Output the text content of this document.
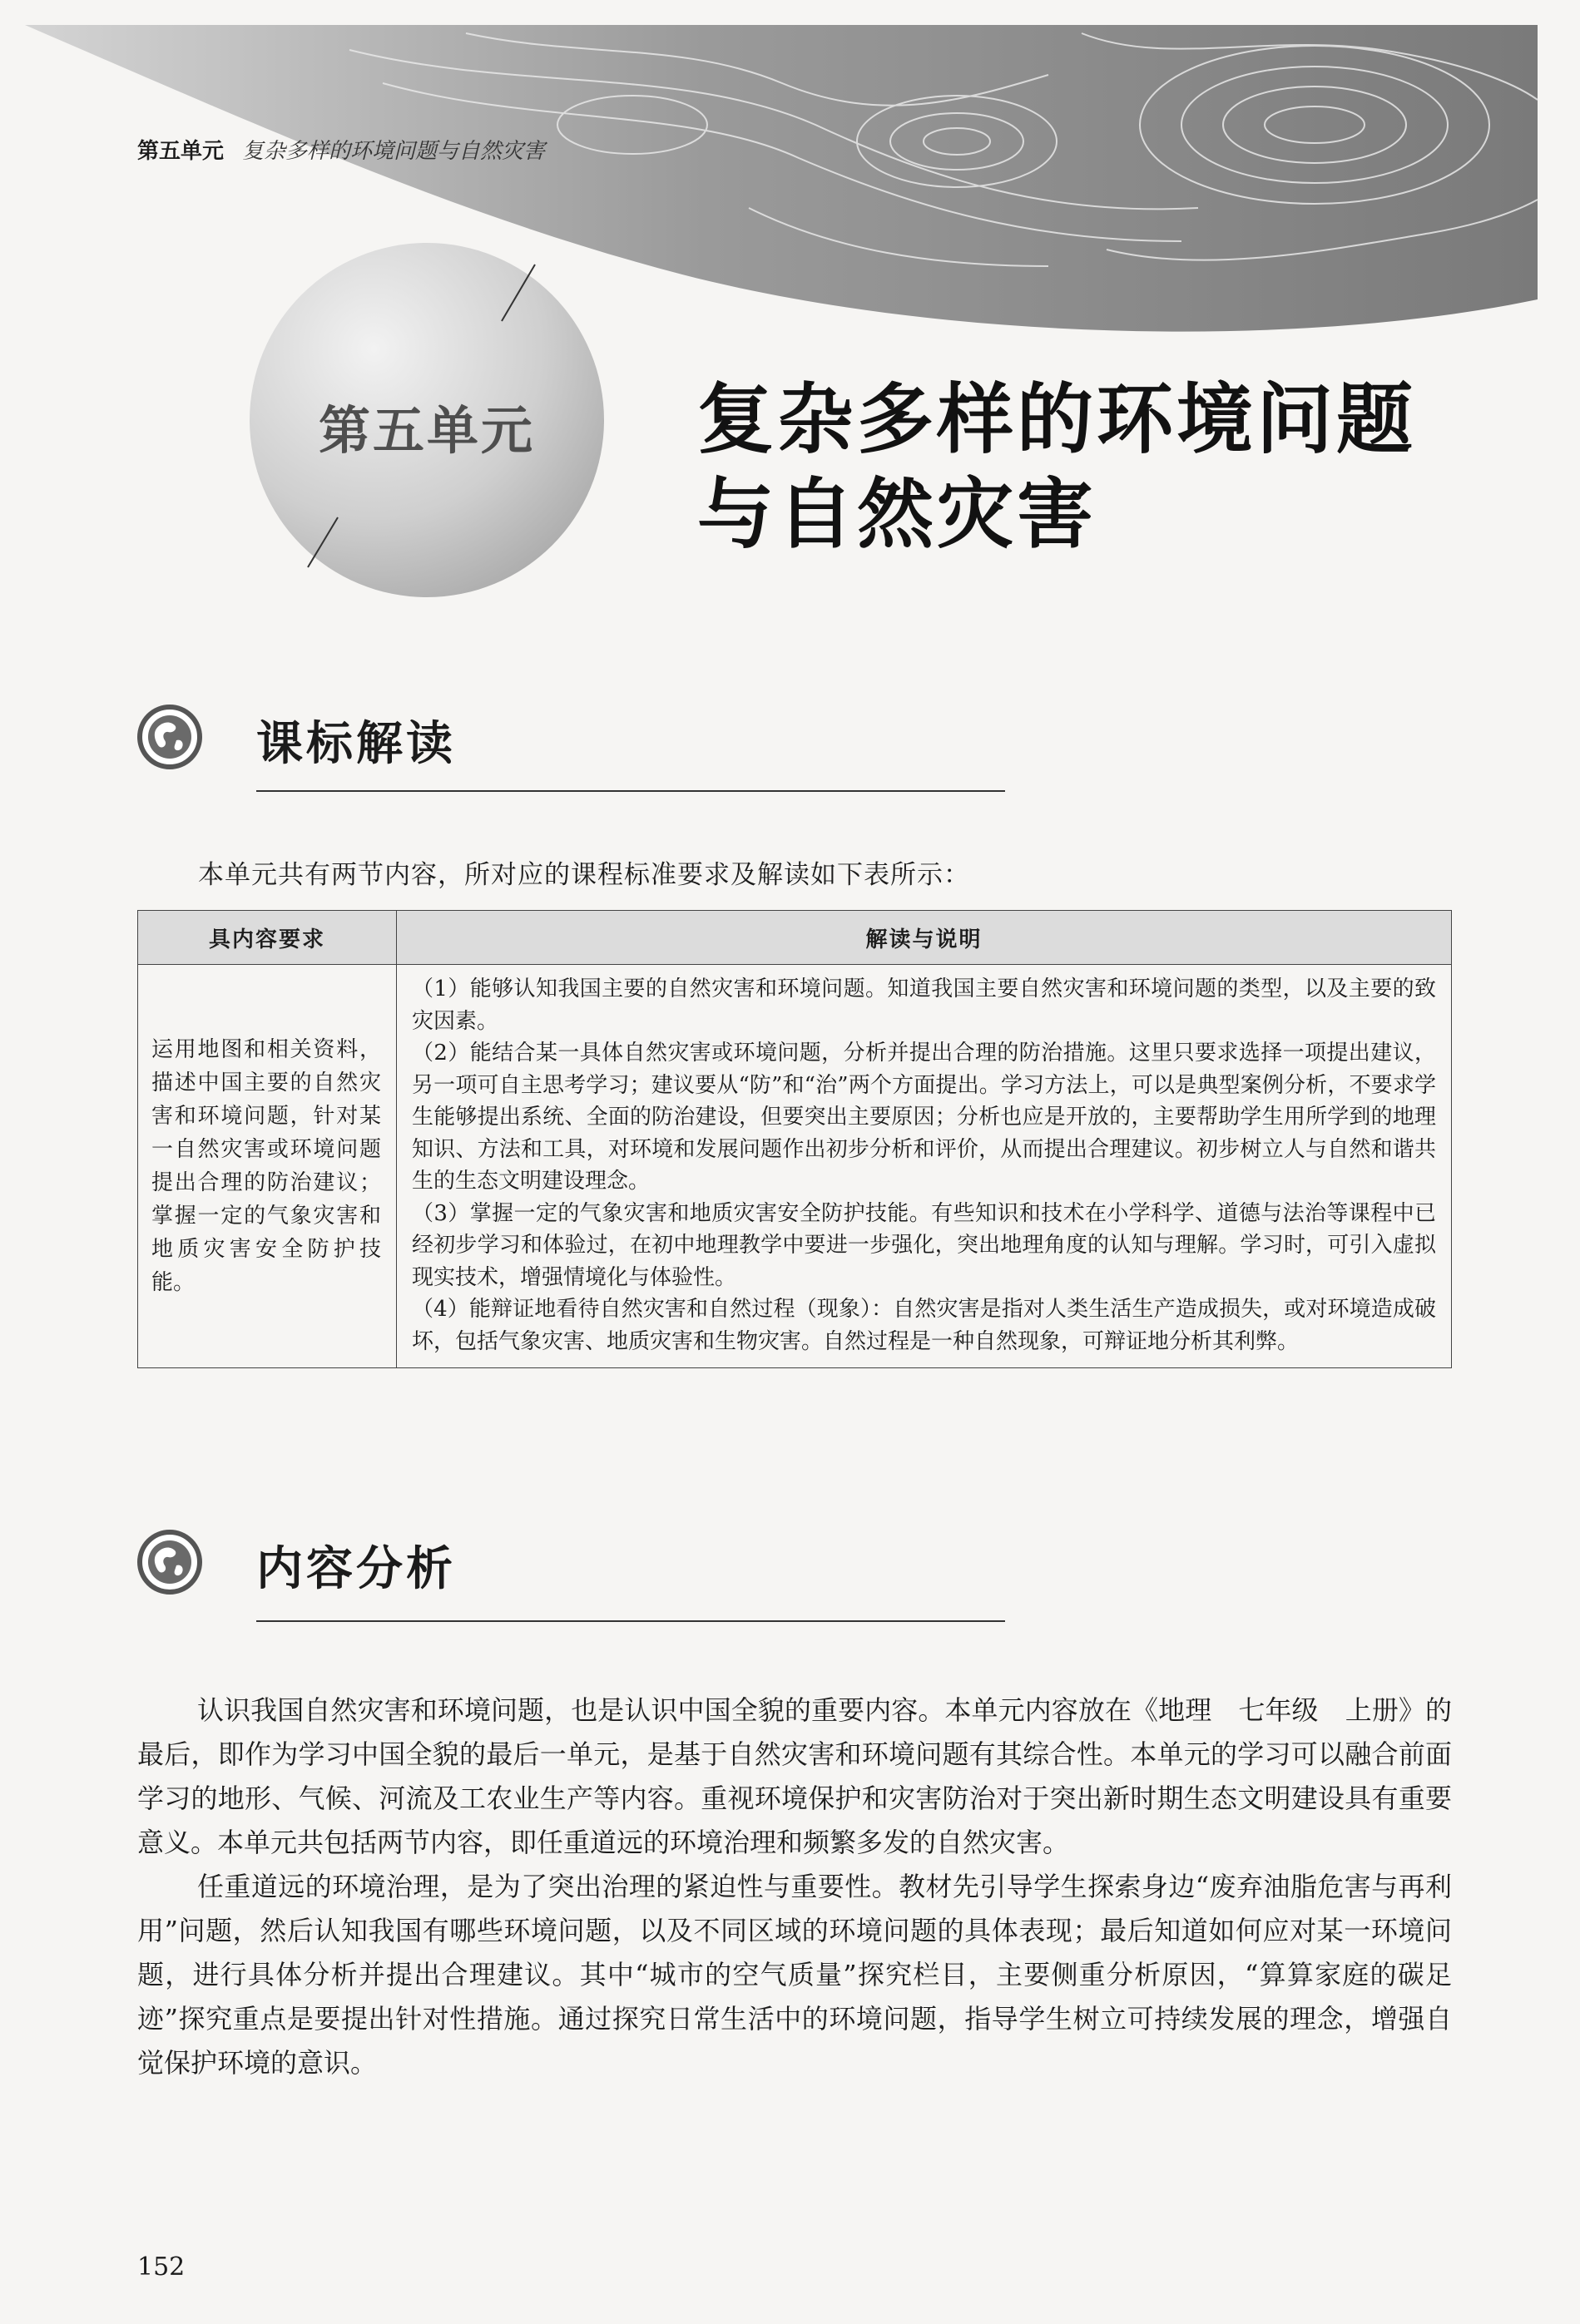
第五单元 复杂多样的环境问题与自然灾害
第五单元	复杂多样的环境问题
与自然灾害
课标解读
本单元共有两节内容，所对应的课程标准要求及解读如下表所示：
具内容要求	解读与说明
运用地图和相关资料，描述中国主要的自然灾害和环境问题，针对某一自然灾害或环境问题提出合理的防治建议；掌握一定的气象灾害和地质灾害安全防护技能。	（1）能够认知我国主要的自然灾害和环境问题。知道我国主要自然灾害和环境问题的类型，以及主要的致灾因素。

（2）能结合某一具体自然灾害或环境问题，分析并提出合理的防治措施。这里只要求选择一项提出建议，另一项可自主思考学习；建议要从“防”和“治”两个方面提出。学习方法上，可以是典型案例分析，不要求学生能够提出系统、全面的防治建设，但要突出主要原因；分析也应是开放的，主要帮助学生用所学到的地理知识、方法和工具，对环境和发展问题作出初步分析和评价，从而提出合理建议。初步树立人与自然和谐共生的生态文明建设理念。

（3）掌握一定的气象灾害和地质灾害安全防护技能。有些知识和技术在小学科学、道德与法治等课程中已经初步学习和体验过，在初中地理教学中要进一步强化，突出地理角度的认知与理解。学习时，可引入虚拟现实技术，增强情境化与体验性。

（4）能辩证地看待自然灾害和自然过程（现象）：自然灾害是指对人类生活生产造成损失，或对环境造成破坏，包括气象灾害、地质灾害和生物灾害。自然过程是一种自然现象，可辩证地分析其利弊。

内容分析

认识我国自然灾害和环境问题，也是认识中国全貌的重要内容。本单元内容放在《地理　七年级　上册》的最后，即作为学习中国全貌的最后一单元，是基于自然灾害和环境问题有其综合性。本单元的学习可以融合前面学习的地形、气候、河流及工农业生产等内容。重视环境保护和灾害防治对于突出新时期生态文明建设具有重要意义。本单元共包括两节内容，即任重道远的环境治理和频繁多发的自然灾害。

任重道远的环境治理，是为了突出治理的紧迫性与重要性。教材先引导学生探索身边“废弃油脂危害与再利用”问题，然后认知我国有哪些环境问题，以及不同区域的环境问题的具体表现；最后知道如何应对某一环境问题，进行具体分析并提出合理建议。其中“城市的空气质量”探究栏目，主要侧重分析原因，“算算家庭的碳足迹”探究重点是要提出针对性措施。通过探究日常生活中的环境问题，指导学生树立可持续发展的理念，增强自觉保护环境的意识。

152
